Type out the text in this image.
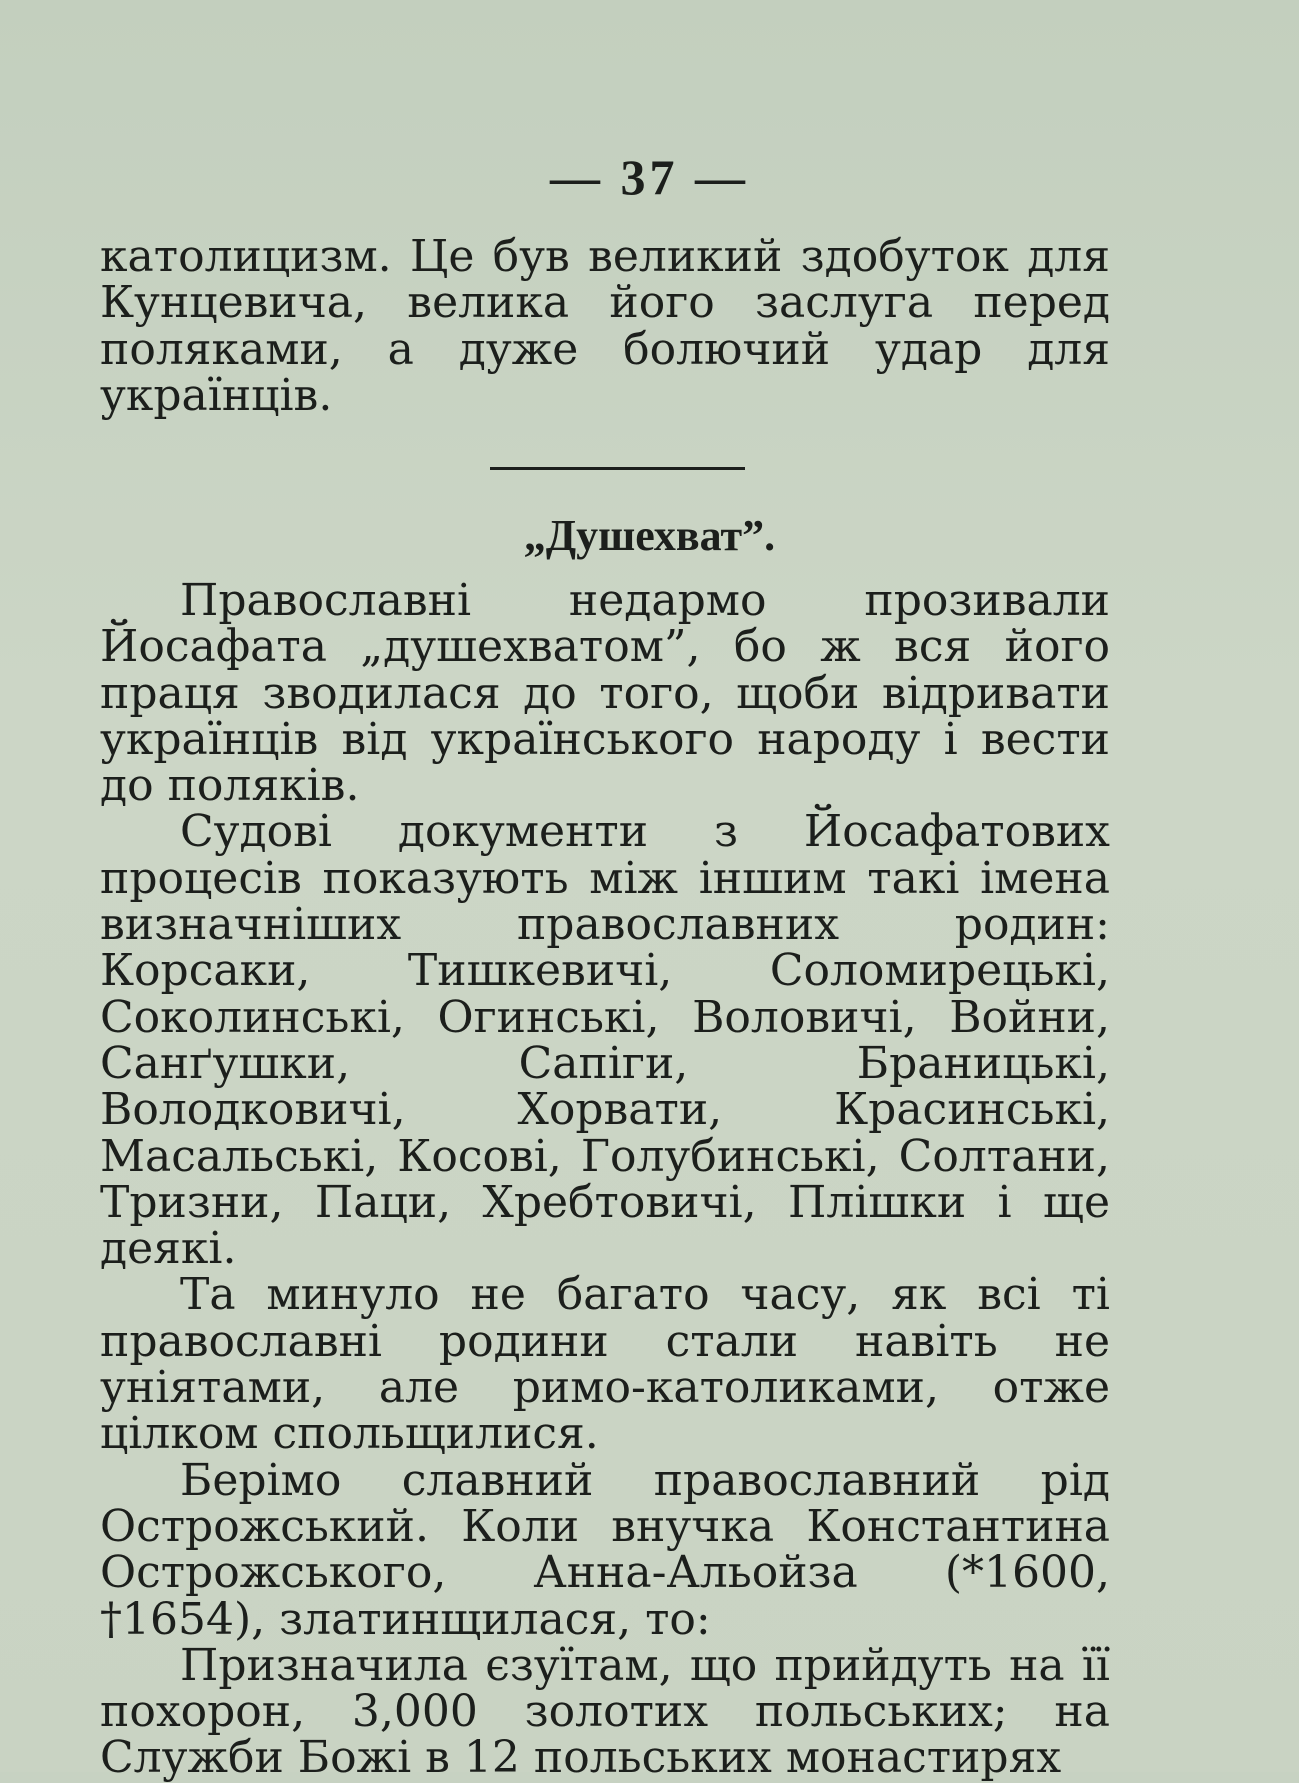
— 37 —

католицизм. Це був великий здобуток для Кунцевича, велика його заслуга перед поляками, а дуже болючий удар для українців.

„Душехват”.

Православні недармо прозивали Йосафата „душехватом”, бо ж вся його праця зводилася до того, щоби відривати українців від українського народу і вести до поляків.

Судові документи з Йосафатових процесів показують між іншим такі імена визначніших православних родин: Корсаки, Тишкевичі, Соломирецькі, Соколинські, Огинські, Воловичі, Войни, Санґушки, Сапіги, Браницькі, Володковичі, Хорвати, Красинські, Масальські, Косові, Голубинські, Солтани, Тризни, Паци, Хребтовичі, Плішки і ще деякі.

Та минуло не багато часу, як всі ті православні родини стали навіть не уніятами, але римо-католиками, отже цілком спольщилися.

Берімо славний православний рід Острожський. Коли внучка Константина Острожського, Анна-Альойза (*1600, †1654), златинщилася, то:

Призначила єзуїтам, що прийдуть на її похорон, 3,000 золотих польських; на Служби Божі в 12 польських монастирях
